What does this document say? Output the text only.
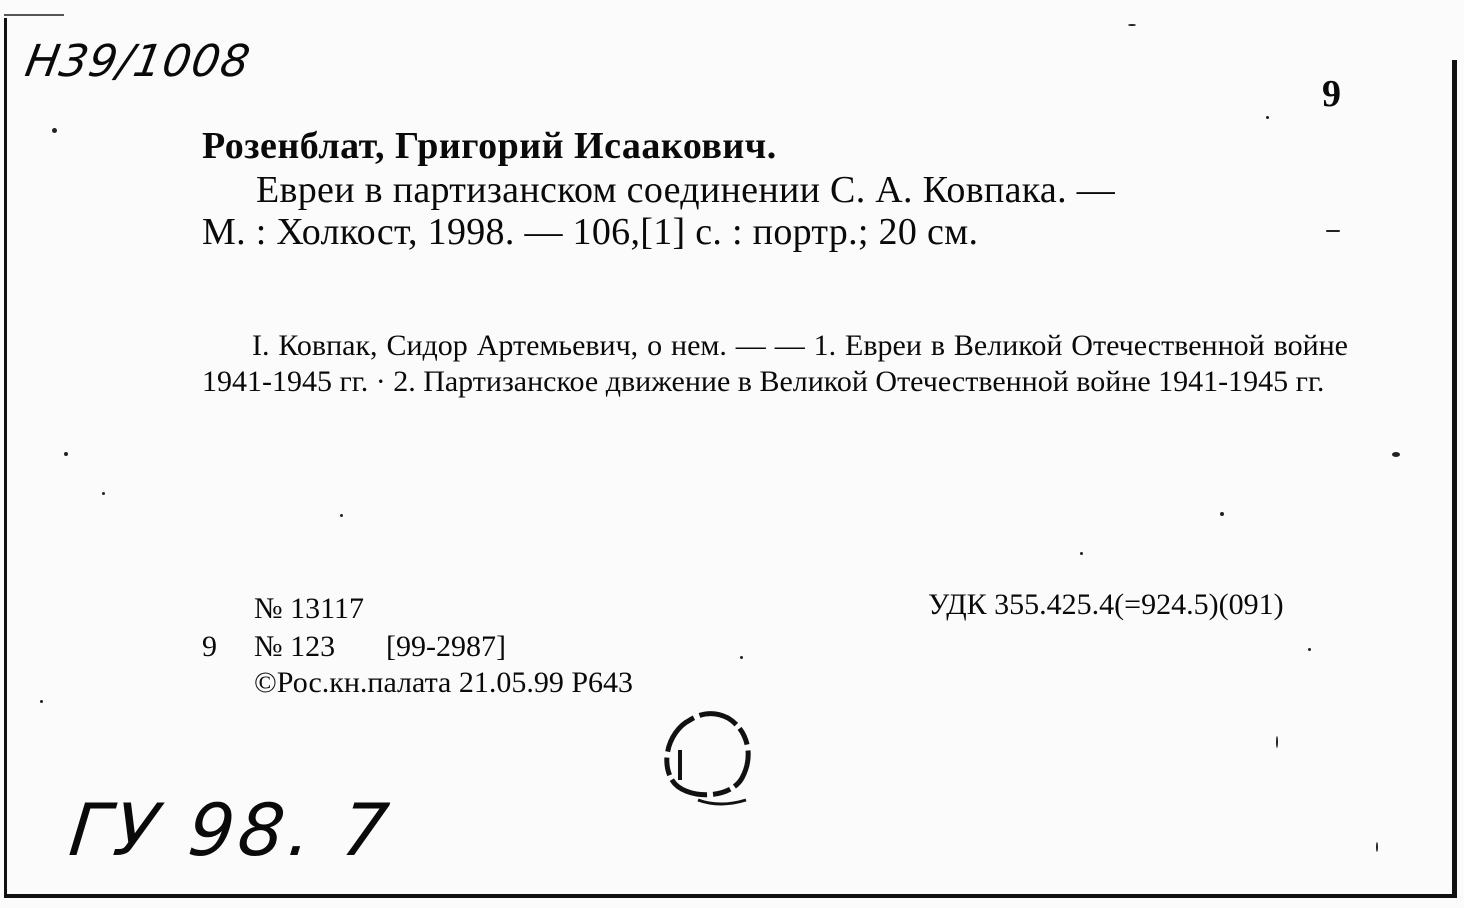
Н39/1008

9

Розенблат, Григорий Исаакович.

Евреи в партизанском соединении С. А. Ковпака. —

М. : Холкост, 1998. — 106,[1] с. : портр.; 20 см.

I. Ковпак, Сидор Артемьевич, о нем. — — 1. Евреи в Великой Отечественной войне 1941-1945 гг. · 2. Партизанское движение в Великой Отечественной войне 1941-1945 гг.

№ 13117

9 № 123 [99-2987]

©Рос.кн.палата 21.05.99 Р643

УДК 355.425.4(=924.5)(091)

ГУ 98. 7
